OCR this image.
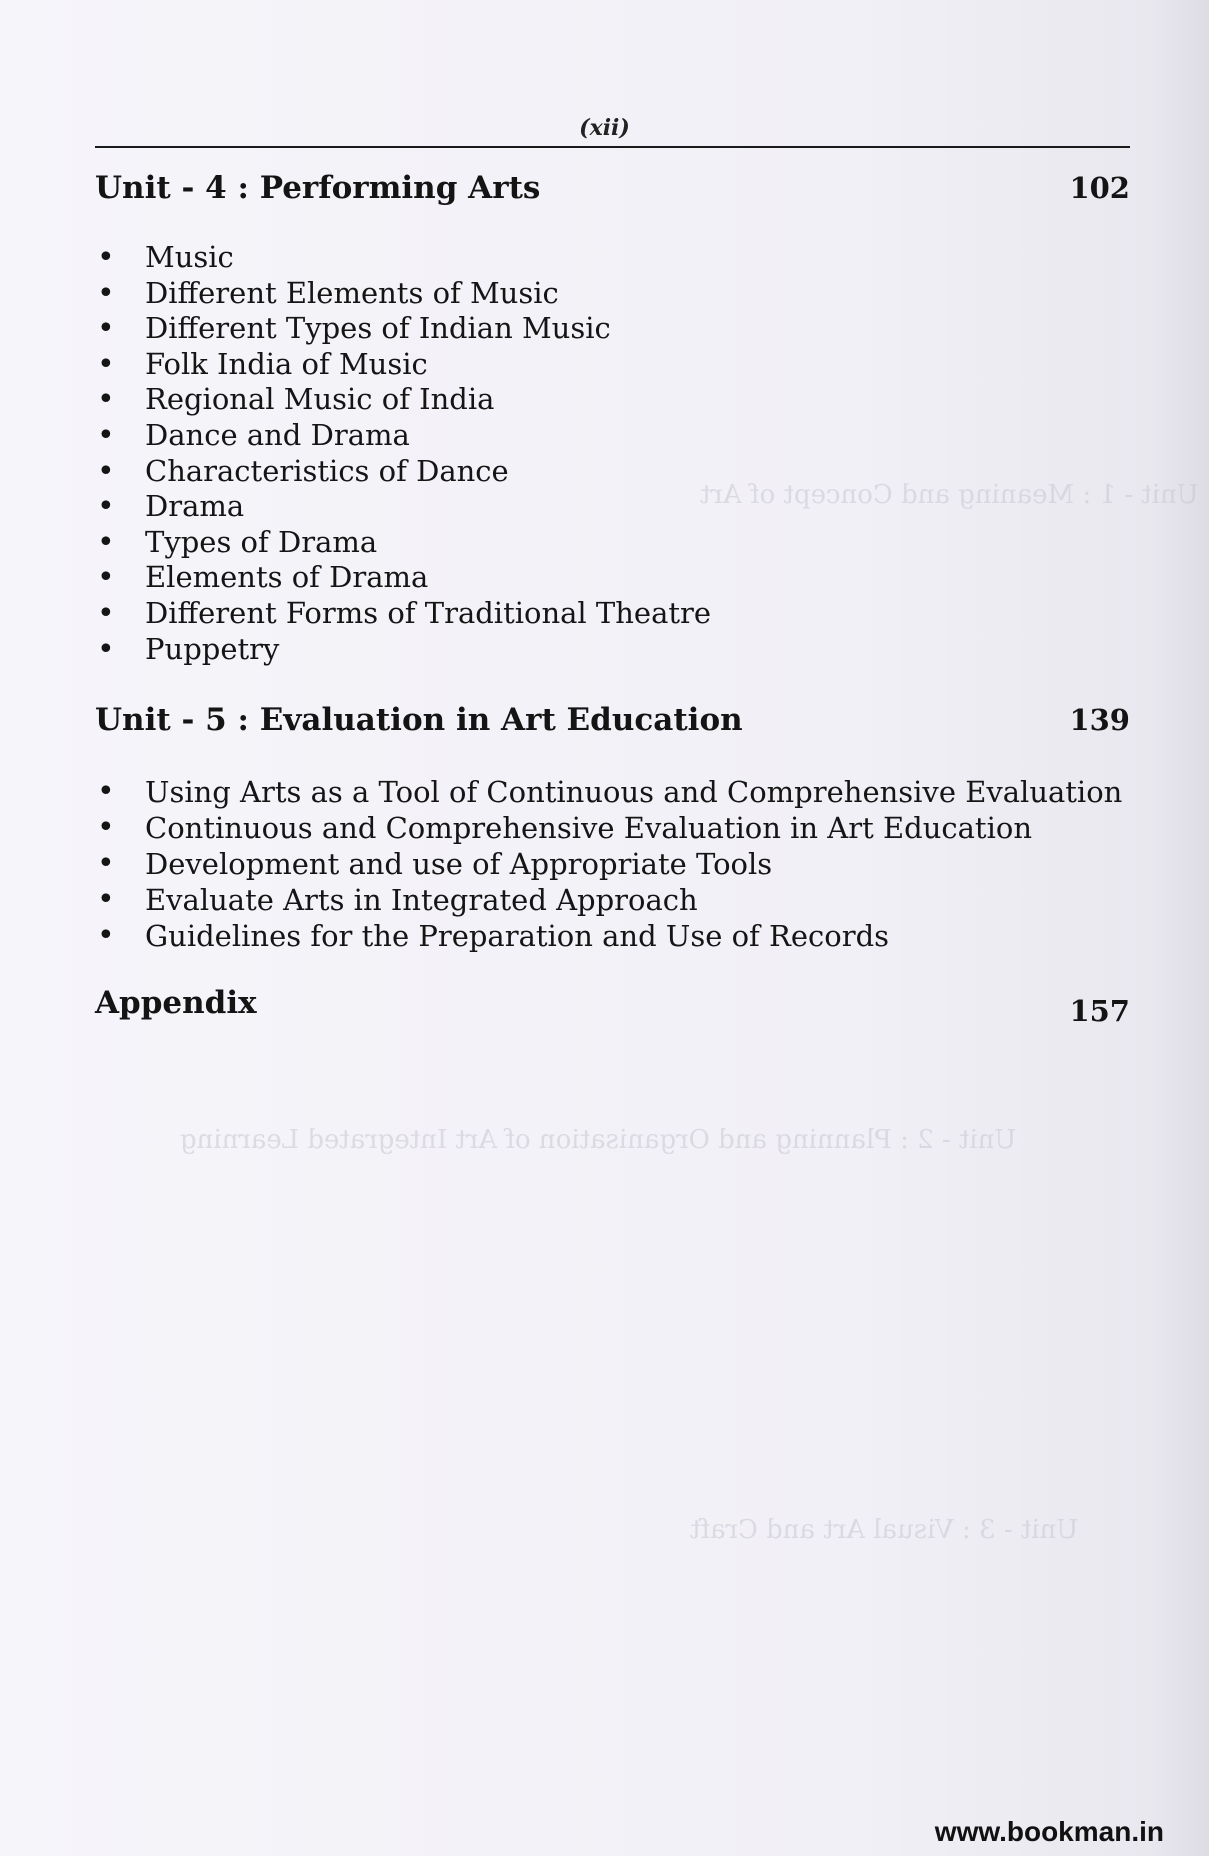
Unit - 1 : Meaning and Concept of Art
Unit - 2 : Planning and Organisation of Art Integrated Learning
Unit - 3 : Visual Art and Craft
(xii)
Unit - 4 : Performing Arts	102
• Music
• Different Elements of Music
• Different Types of Indian Music
• Folk India of Music
• Regional Music of India
• Dance and Drama
• Characteristics of Dance
• Drama
• Types of Drama
• Elements of Drama
• Different Forms of Traditional Theatre
• Puppetry
Unit - 5 : Evaluation in Art Education	139
• Using Arts as a Tool of Continuous and Comprehensive Evaluation
• Continuous and Comprehensive Evaluation in Art Education
• Development and use of Appropriate Tools
• Evaluate Arts in Integrated Approach
• Guidelines for the Preparation and Use of Records
Appendix	157
www.bookman.in
